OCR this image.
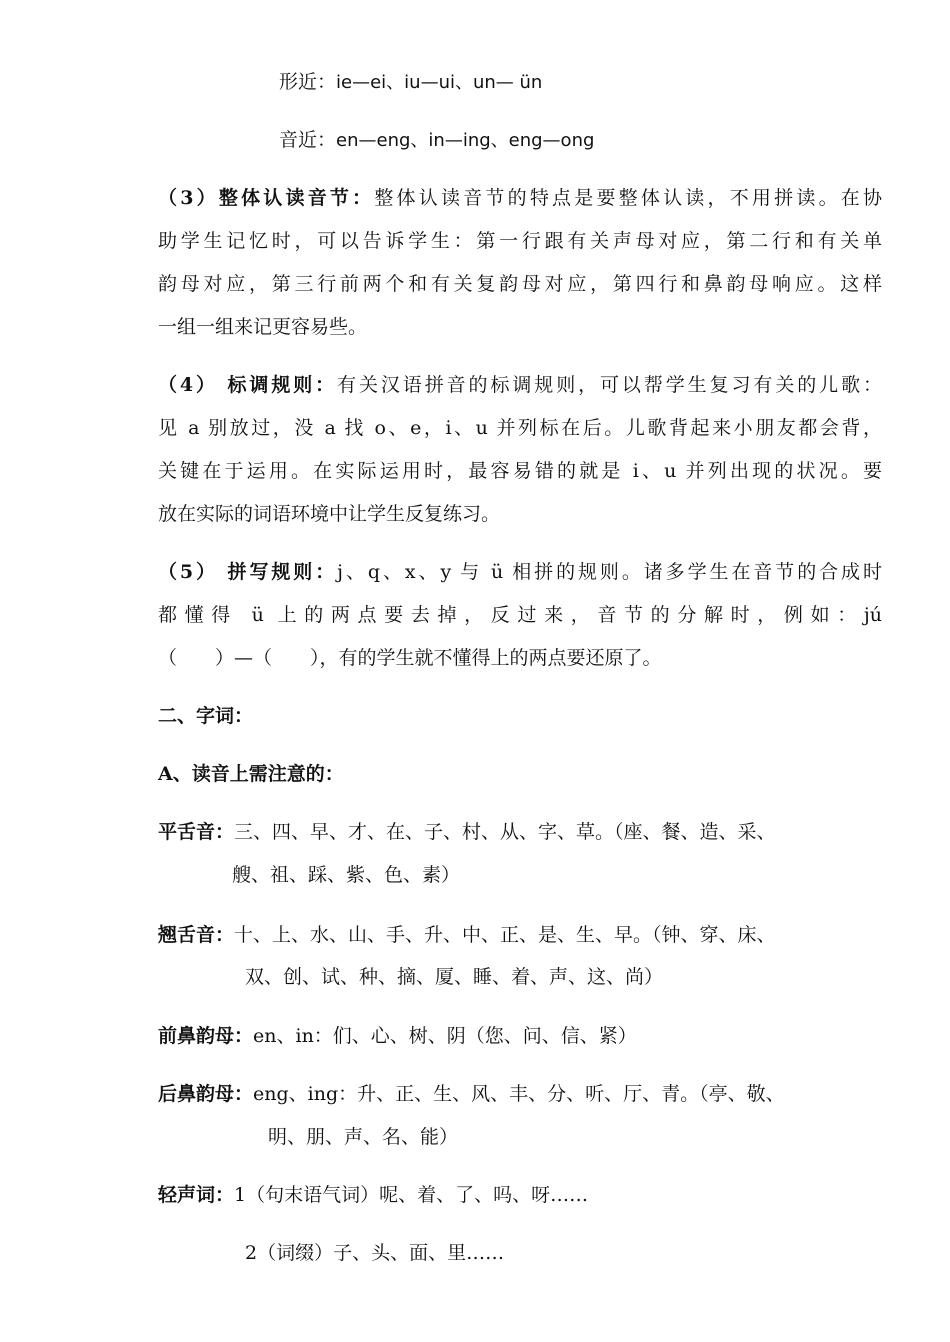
形近：ie—ei、iu—ui、un— ün
音近：en—eng、in—ing、eng—ong
（3）整体认读音节：整体认读音节的特点是要整体认读，不用拼读。在协
助学生记忆时，可以告诉学生：第一行跟有关声母对应，第二行和有关单
韵母对应，第三行前两个和有关复韵母对应，第四行和鼻韵母响应。这样
一组一组来记更容易些。
（4） 标调规则：有关汉语拼音的标调规则，可以帮学生复习有关的儿歌：
见 a 别放过，没 a 找 o、e，i、u 并列标在后。儿歌背起来小朋友都会背，
关键在于运用。在实际运用时，最容易错的就是 i、u 并列出现的状况。要
放在实际的词语环境中让学生反复练习。
（5） 拼写规则：j、q、x、y 与 ü 相拼的规则。诸多学生在音节的合成时
都懂得 ü 上的两点要去掉，反过来，音节的分解时，例如：jú
（　　）—（　　），有的学生就不懂得上的两点要还原了。
二、字词：
A、读音上需注意的：
平舌音：三、四、早、才、在、子、村、从、字、草。（座、餐、造、采、
艘、祖、踩、紫、色、素）
翘舌音：十、上、水、山、手、升、中、正、是、生、早。（钟、穿、床、
双、创、试、种、摘、厦、睡、着、声、这、尚）
前鼻韵母：en、in：们、心、树、阴（您、问、信、紧）
后鼻韵母：eng、ing：升、正、生、风、丰、分、听、厅、青。（亭、敬、
明、朋、声、名、能）
轻声词：1（句末语气词）呢、着、了、吗、呀……
2（词缀）子、头、面、里……
